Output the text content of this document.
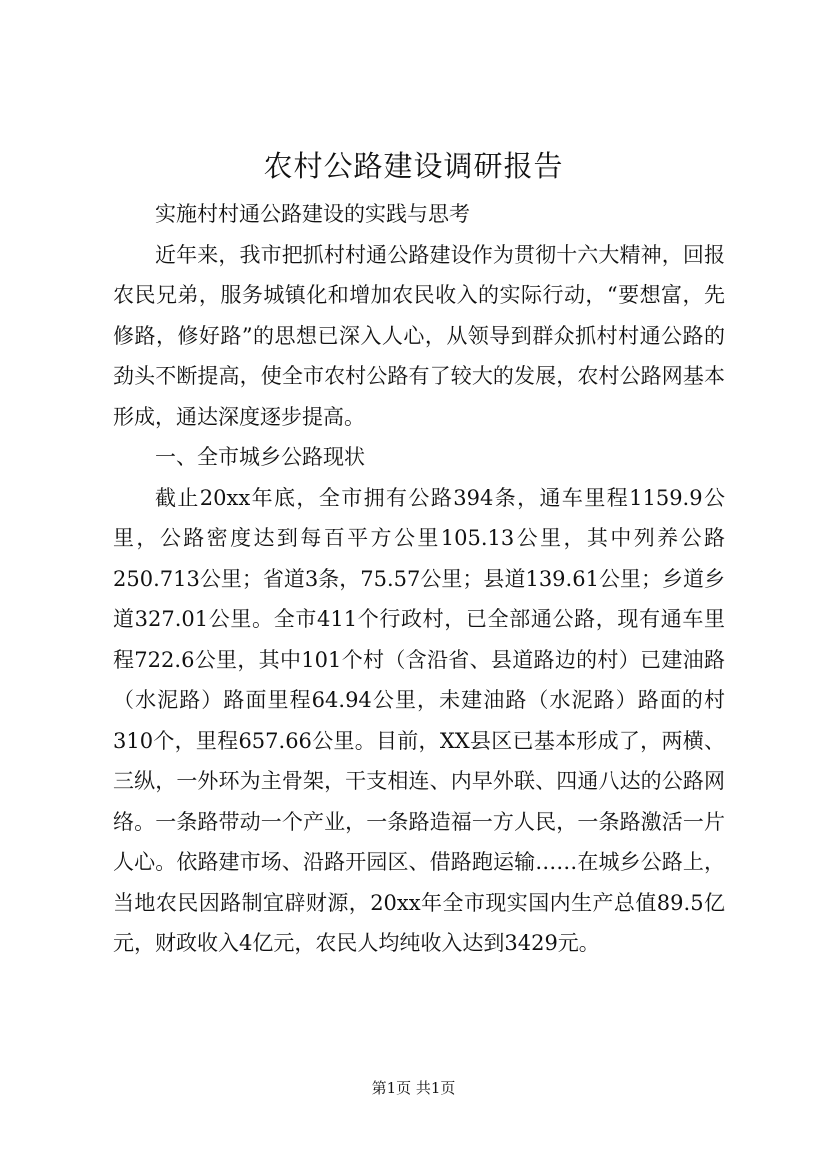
农村公路建设调研报告

实施村村通公路建设的实践与思考

近年来，我市把抓村村通公路建设作为贯彻十六大精神，回报农民兄弟，服务城镇化和增加农民收入的实际行动，“要想富，先修路，修好路”的思想已深入人心，从领导到群众抓村村通公路的劲头不断提高，使全市农村公路有了较大的发展，农村公路网基本形成，通达深度逐步提高。

一、全市城乡公路现状

截止20xx年底，全市拥有公路394条，通车里程1159.9公里，公路密度达到每百平方公里105.13公里，其中列养公路250.713公里；省道3条，75.57公里；县道139.61公里；乡道乡道327.01公里。全市411个行政村，已全部通公路，现有通车里程722.6公里，其中101个村（含沿省、县道路边的村）已建油路（水泥路）路面里程64.94公里，未建油路（水泥路）路面的村310个，里程657.66公里。目前，XX县区已基本形成了，两横、三纵，一外环为主骨架，干支相连、内早外联、四通八达的公路网络。一条路带动一个产业，一条路造福一方人民，一条路激活一片人心。依路建市场、沿路开园区、借路跑运输……在城乡公路上，当地农民因路制宜辟财源，20xx年全市现实国内生产总值89.5亿元，财政收入4亿元，农民人均纯收入达到3429元。

第1页 共1页
